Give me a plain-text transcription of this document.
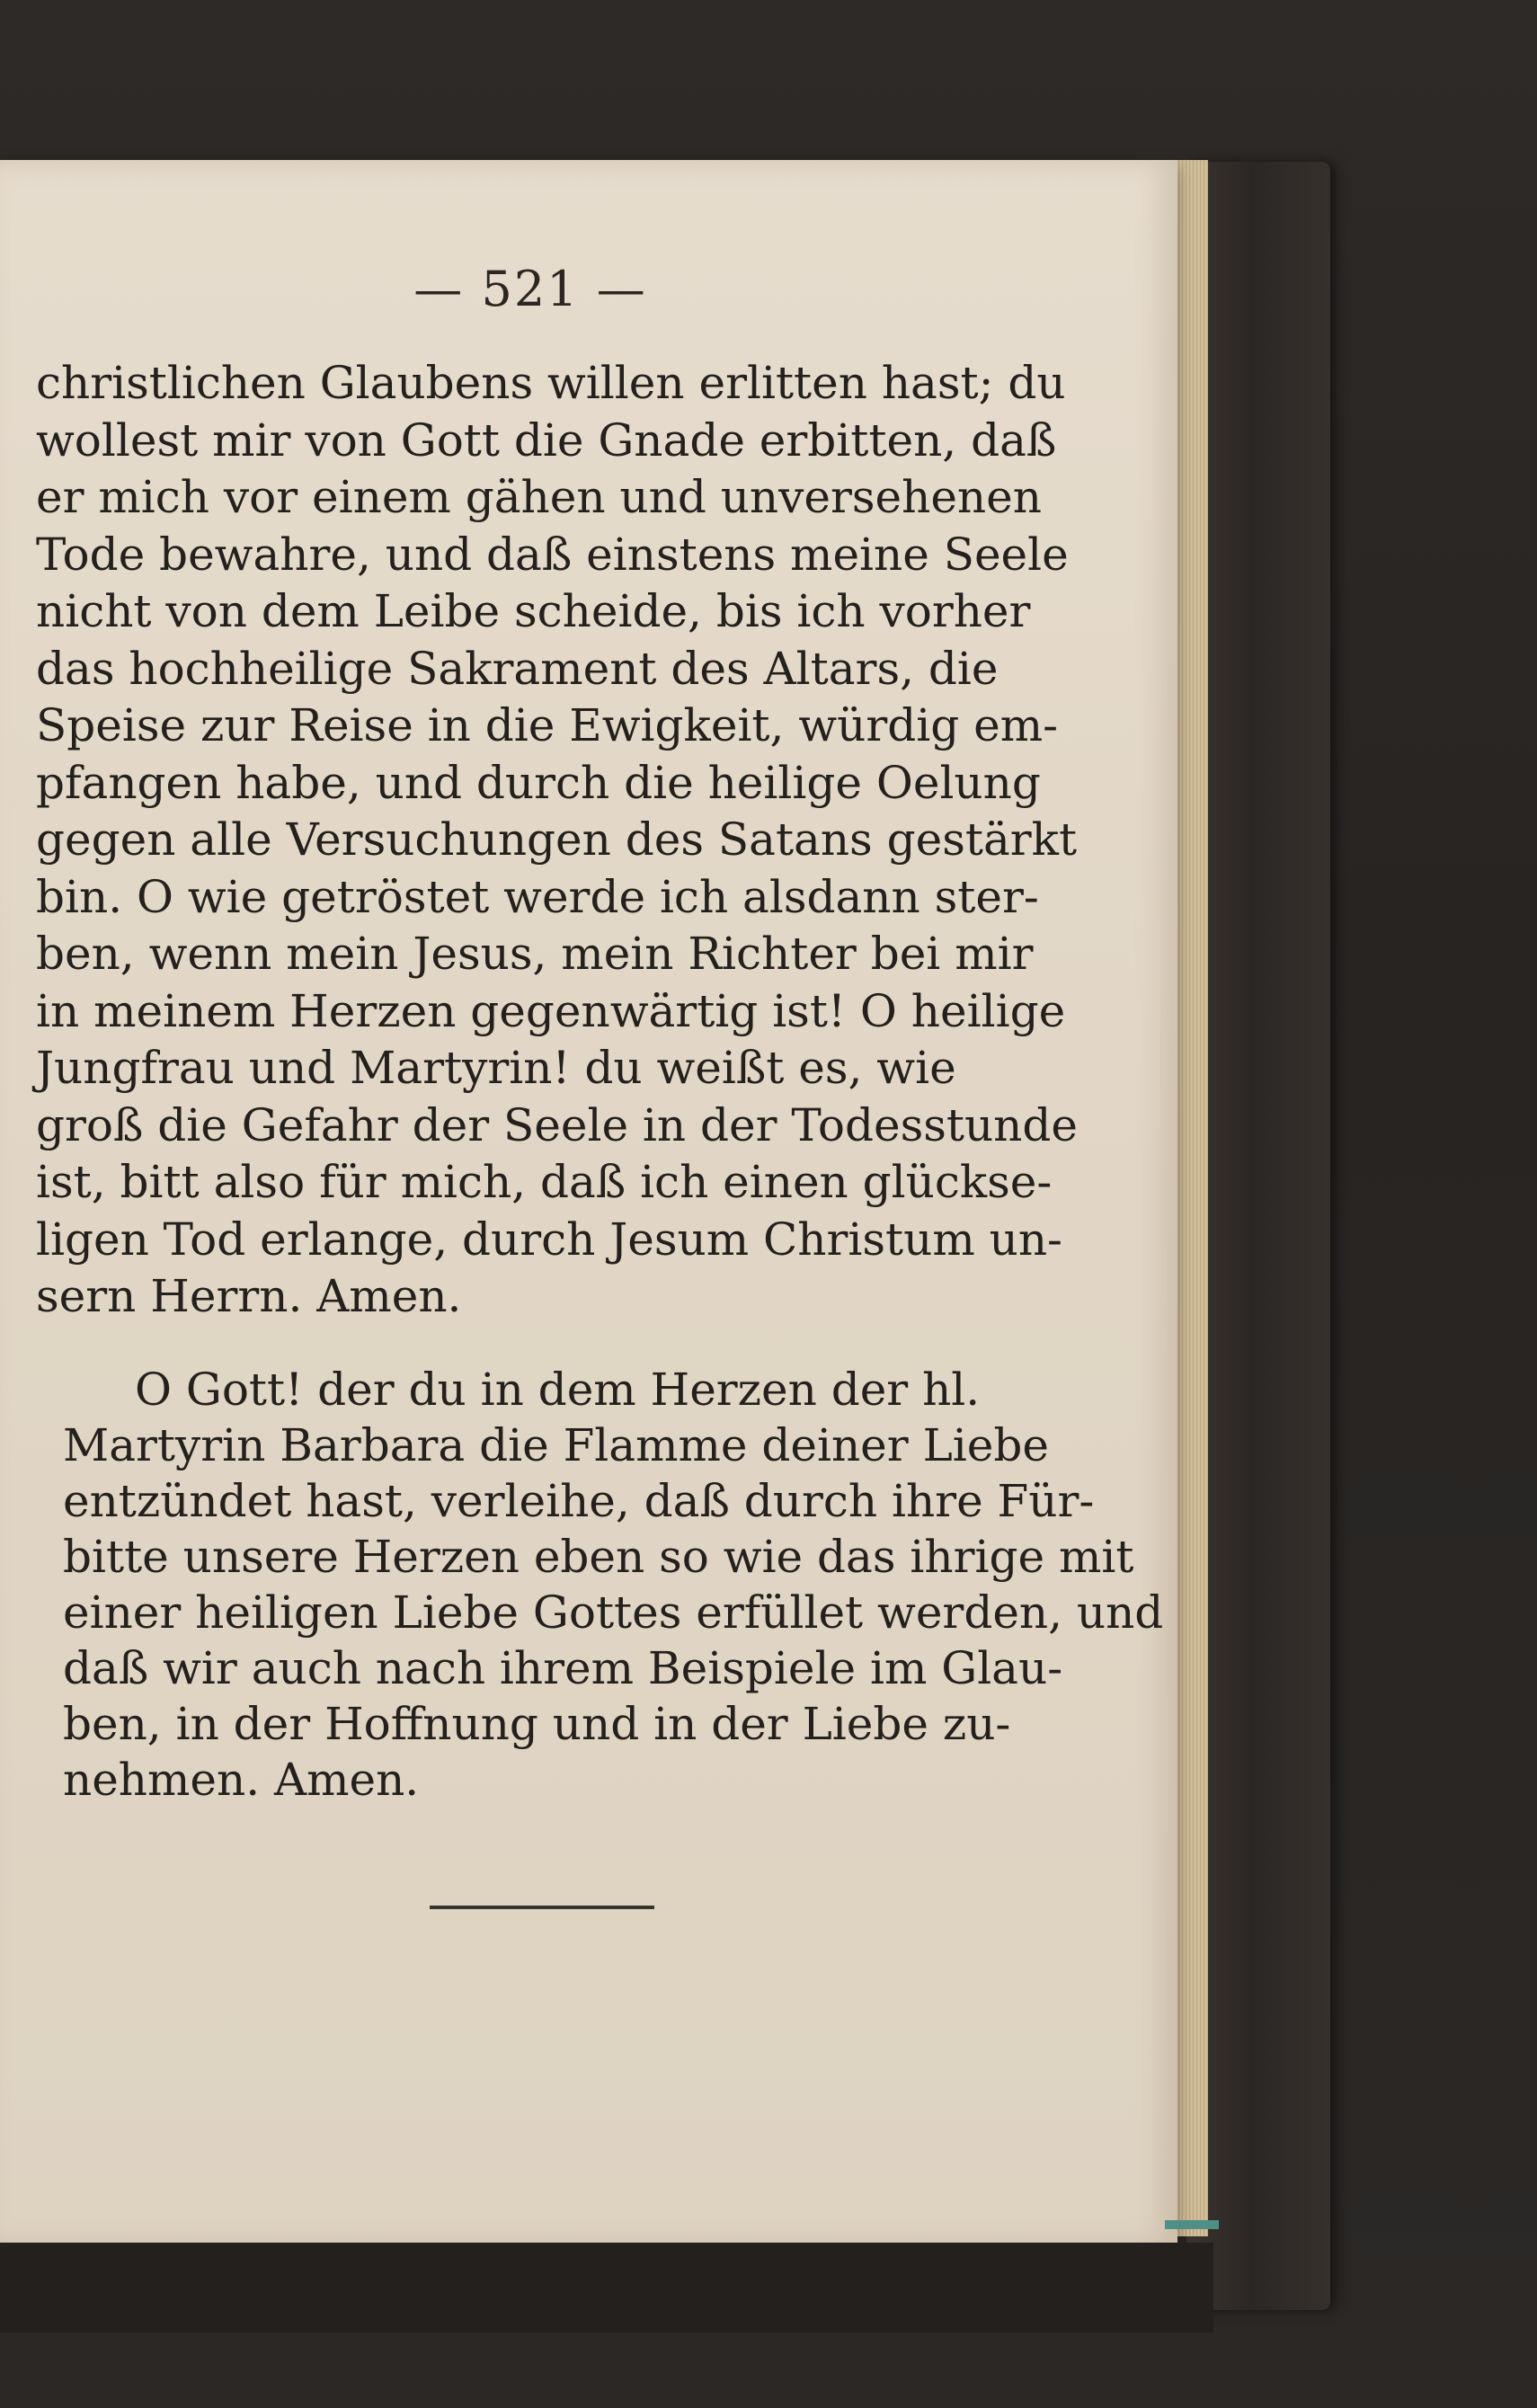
— 521 —
christlichen Glaubens willen erlitten hast; du
wollest mir von Gott die Gnade erbitten, daß
er mich vor einem gähen und unversehenen
Tode bewahre, und daß einstens meine Seele
nicht von dem Leibe scheide, bis ich vorher
das hochheilige Sakrament des Altars, die
Speise zur Reise in die Ewigkeit, würdig em-
pfangen habe, und durch die heilige Oelung
gegen alle Versuchungen des Satans gestärkt
bin. O wie getröstet werde ich alsdann ster-
ben, wenn mein Jesus, mein Richter bei mir
in meinem Herzen gegenwärtig ist! O heilige
Jungfrau und Martyrin! du weißt es, wie
groß die Gefahr der Seele in der Todesstunde
ist, bitt also für mich, daß ich einen glückse-
ligen Tod erlange, durch Jesum Christum un-
sern Herrn. Amen.
O Gott! der du in dem Herzen der hl.
Martyrin Barbara die Flamme deiner Liebe
entzündet hast, verleihe, daß durch ihre Für-
bitte unsere Herzen eben so wie das ihrige mit
einer heiligen Liebe Gottes erfüllet werden, und
daß wir auch nach ihrem Beispiele im Glau-
ben, in der Hoffnung und in der Liebe zu-
nehmen. Amen.
